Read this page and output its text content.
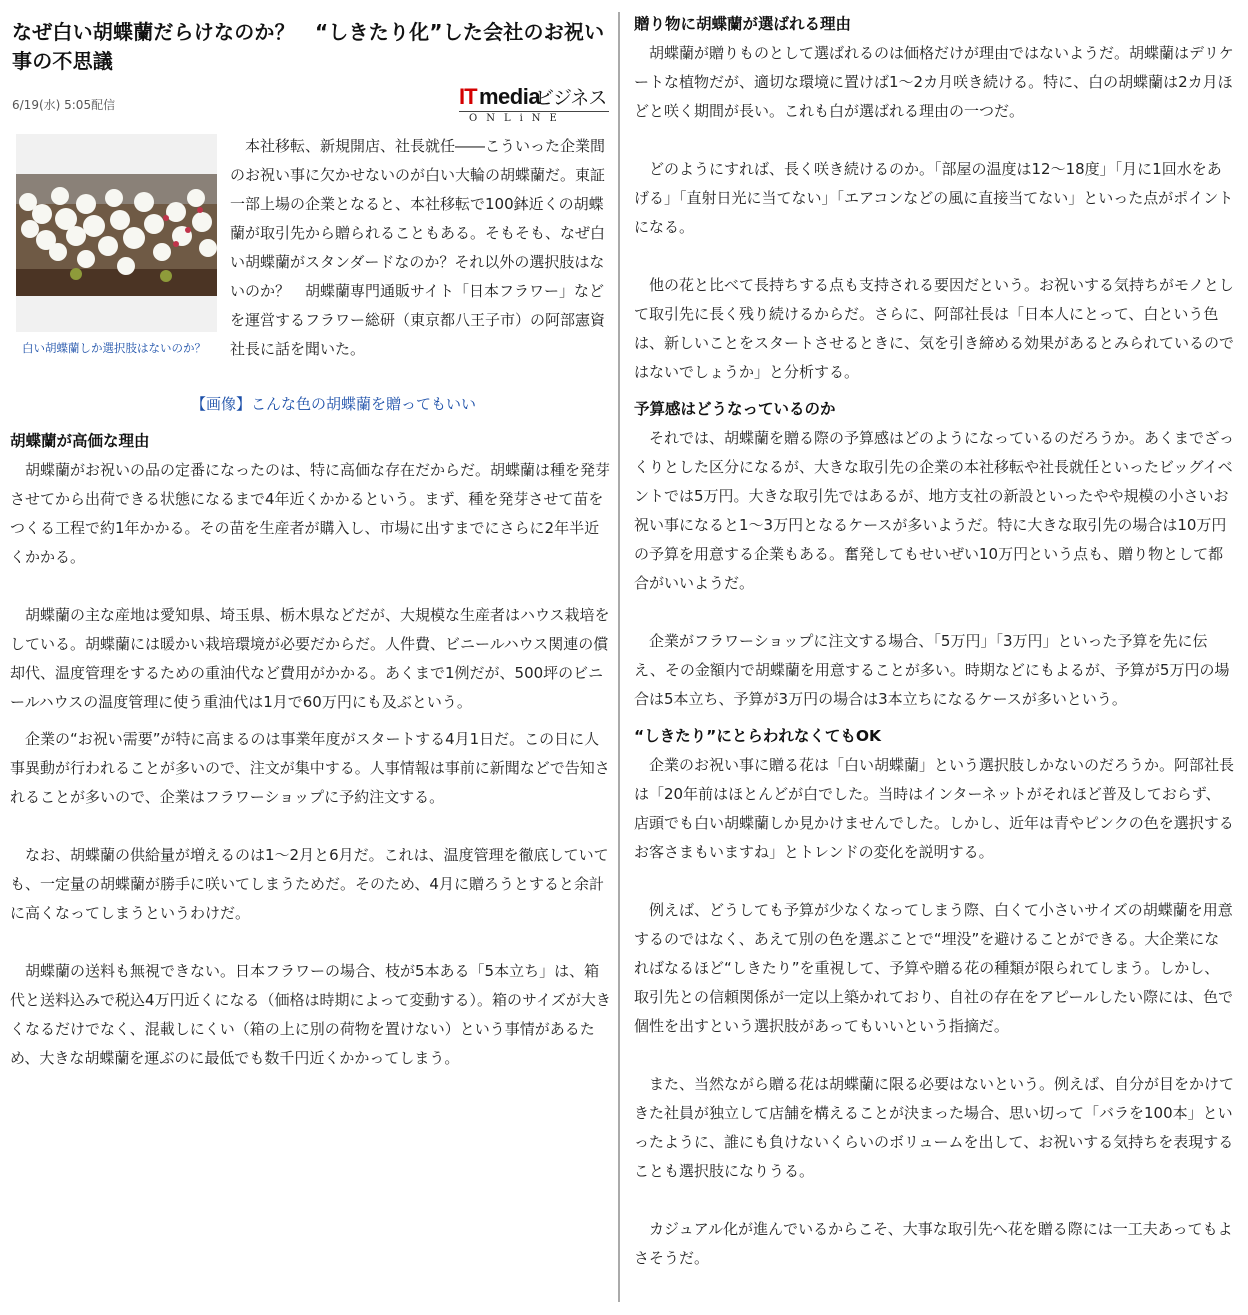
なぜ白い胡蝶蘭だらけなのか？　“しきたり化”した会社のお祝い事の不思議
6/19(水) 5:05配信	IT media
ビジネス
ONLiNE
白い胡蝶蘭しか選択肢はないのか？

本社移転、新規開店、社長就任――こういった企業間のお祝い事に欠かせないのが白い大輪の胡蝶蘭だ。東証一部上場の企業となると、本社移転で100鉢近くの胡蝶蘭が取引先から贈られることもある。そもそも、なぜ白い胡蝶蘭がスタンダードなのか？それ以外の選択肢はないのか？　胡蝶蘭専門通販サイト「日本フラワー」などを運営するフラワー総研（東京都八王子市）の阿部憲資社長に話を聞いた。

【画像】こんな色の胡蝶蘭を贈ってもいい
胡蝶蘭が高価な理由

胡蝶蘭がお祝いの品の定番になったのは、特に高価な存在だからだ。胡蝶蘭は種を発芽させてから出荷できる状態になるまで4年近くかかるという。まず、種を発芽させて苗をつくる工程で約1年かかる。その苗を生産者が購入し、市場に出すまでにさらに2年半近くかかる。

胡蝶蘭の主な産地は愛知県、埼玉県、栃木県などだが、大規模な生産者はハウス栽培をしている。胡蝶蘭には暖かい栽培環境が必要だからだ。人件費、ビニールハウス関連の償却代、温度管理をするための重油代など費用がかかる。あくまで1例だが、500坪のビニールハウスの温度管理に使う重油代は1月で60万円にも及ぶという。

企業の“お祝い需要”が特に高まるのは事業年度がスタートする4月1日だ。この日に人事異動が行われることが多いので、注文が集中する。人事情報は事前に新聞などで告知されることが多いので、企業はフラワーショップに予約注文する。

なお、胡蝶蘭の供給量が増えるのは1～2月と6月だ。これは、温度管理を徹底していても、一定量の胡蝶蘭が勝手に咲いてしまうためだ。そのため、4月に贈ろうとすると余計に高くなってしまうというわけだ。

胡蝶蘭の送料も無視できない。日本フラワーの場合、枝が5本ある「5本立ち」は、箱代と送料込みで税込4万円近くになる（価格は時期によって変動する）。箱のサイズが大きくなるだけでなく、混載しにくい（箱の上に別の荷物を置けない）という事情があるため、大きな胡蝶蘭を運ぶのに最低でも数千円近くかかってしまう。

贈り物に胡蝶蘭が選ばれる理由

胡蝶蘭が贈りものとして選ばれるのは価格だけが理由ではないようだ。胡蝶蘭はデリケートな植物だが、適切な環境に置けば1～2カ月咲き続ける。特に、白の胡蝶蘭は2カ月ほどと咲く期間が長い。これも白が選ばれる理由の一つだ。

どのようにすれば、長く咲き続けるのか。「部屋の温度は12～18度」「月に1回水をあげる」「直射日光に当てない」「エアコンなどの風に直接当てない」といった点がポイントになる。

他の花と比べて長持ちする点も支持される要因だという。お祝いする気持ちがモノとして取引先に長く残り続けるからだ。さらに、阿部社長は「日本人にとって、白という色は、新しいことをスタートさせるときに、気を引き締める効果があるとみられているのではないでしょうか」と分析する。

予算感はどうなっているのか

それでは、胡蝶蘭を贈る際の予算感はどのようになっているのだろうか。あくまでざっくりとした区分になるが、大きな取引先の企業の本社移転や社長就任といったビッグイベントでは5万円。大きな取引先ではあるが、地方支社の新設といったやや規模の小さいお祝い事になると1～3万円となるケースが多いようだ。特に大きな取引先の場合は10万円の予算を用意する企業もある。奮発してもせいぜい10万円という点も、贈り物として都合がいいようだ。

企業がフラワーショップに注文する場合、「5万円」「3万円」といった予算を先に伝え、その金額内で胡蝶蘭を用意することが多い。時期などにもよるが、予算が5万円の場合は5本立ち、予算が3万円の場合は3本立ちになるケースが多いという。

“しきたり”にとらわれなくてもOK

企業のお祝い事に贈る花は「白い胡蝶蘭」という選択肢しかないのだろうか。阿部社長は「20年前はほとんどが白でした。当時はインターネットがそれほど普及しておらず、店頭でも白い胡蝶蘭しか見かけませんでした。しかし、近年は青やピンクの色を選択するお客さまもいますね」とトレンドの変化を説明する。

例えば、どうしても予算が少なくなってしまう際、白くて小さいサイズの胡蝶蘭を用意するのではなく、あえて別の色を選ぶことで“埋没”を避けることができる。大企業になればなるほど“しきたり”を重視して、予算や贈る花の種類が限られてしまう。しかし、取引先との信頼関係が一定以上築かれており、自社の存在をアピールしたい際には、色で個性を出すという選択肢があってもいいという指摘だ。

また、当然ながら贈る花は胡蝶蘭に限る必要はないという。例えば、自分が目をかけてきた社員が独立して店舗を構えることが決まった場合、思い切って「バラを100本」といったように、誰にも負けないくらいのボリュームを出して、お祝いする気持ちを表現することも選択肢になりうる。

カジュアル化が進んでいるからこそ、大事な取引先へ花を贈る際には一工夫あってもよさそうだ。
